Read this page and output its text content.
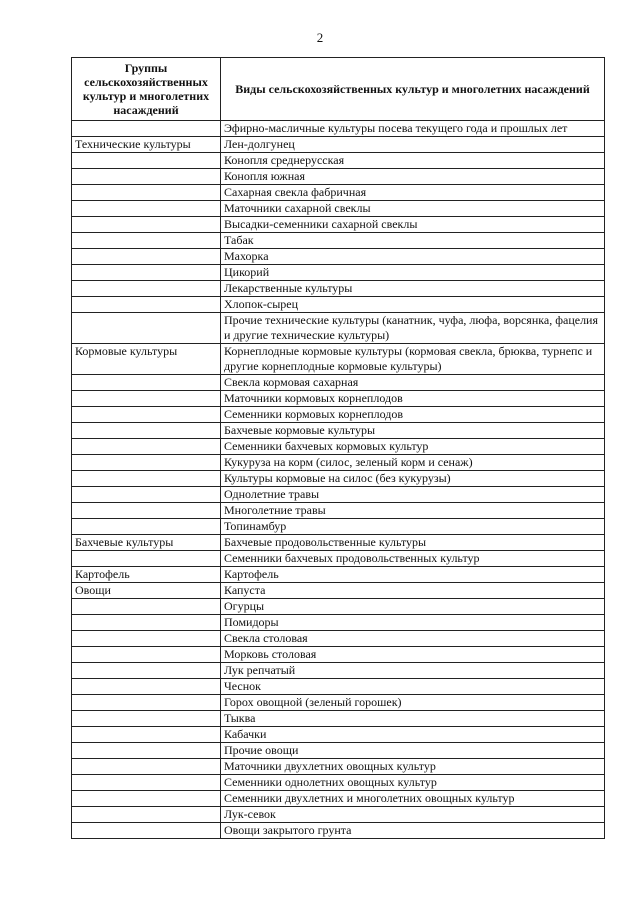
2
Группы сельскохозяйственных культур и многолетних насаждений	Виды сельскохозяйственных культур и многолетних насаждений
	Эфирно-масличные культуры посева текущего года и прошлых лет
Технические культуры	Лен-долгунец
	Конопля среднерусская
	Конопля южная
	Сахарная свекла фабричная
	Маточники сахарной свеклы
	Высадки-семенники сахарной свеклы
	Табак
	Махорка
	Цикорий
	Лекарственные культуры
	Хлопок-сырец
	Прочие технические культуры (канатник, чуфа, люфа, ворсянка, фацелия и другие технические культуры)
Кормовые культуры	Корнеплодные кормовые культуры (кормовая свекла, брюква, турнепс и другие корнеплодные кормовые культуры)
	Свекла кормовая сахарная
	Маточники кормовых корнеплодов
	Семенники кормовых корнеплодов
	Бахчевые кормовые культуры
	Семенники бахчевых кормовых культур
	Кукуруза на корм (силос, зеленый корм и сенаж)
	Культуры кормовые на силос (без кукурузы)
	Однолетние травы
	Многолетние травы
	Топинамбур
Бахчевые культуры	Бахчевые продовольственные культуры
	Семенники бахчевых продовольственных культур
Картофель	Картофель
Овощи	Капуста
	Огурцы
	Помидоры
	Свекла столовая
	Морковь столовая
	Лук репчатый
	Чеснок
	Горох овощной (зеленый горошек)
	Тыква
	Кабачки
	Прочие овощи
	Маточники двухлетних овощных культур
	Семенники однолетних овощных культур
	Семенники двухлетних и многолетних овощных культур
	Лук-севок
	Овощи закрытого грунта
